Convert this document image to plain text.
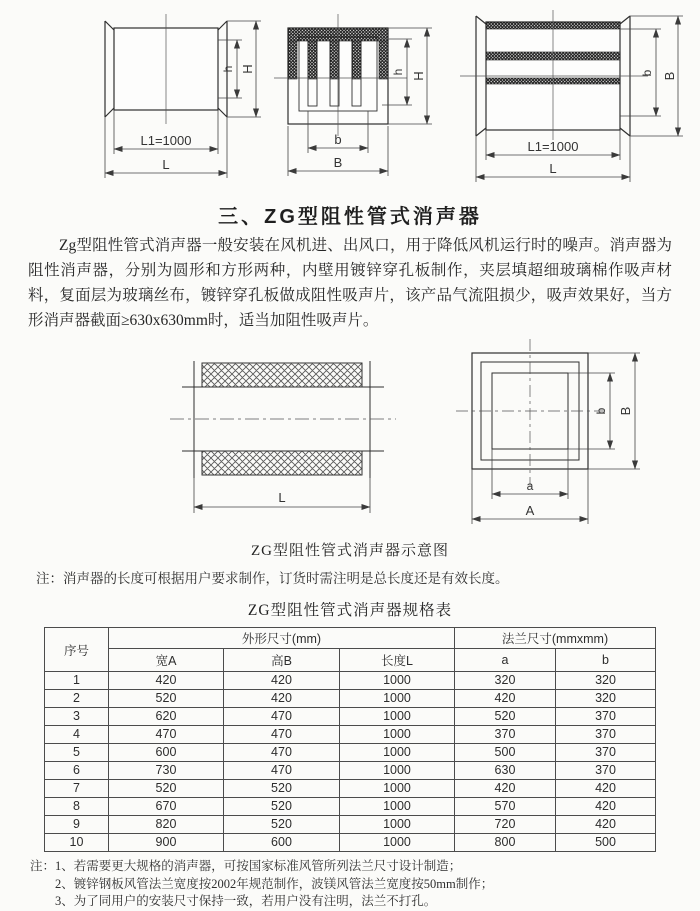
h H
L1=1000
L
h H
b
B
b B
L1=1000
L
三、ZG型阻性管式消声器

Zg型阻性管式消声器一般安装在风机进、出风口，用于降低风机运行时的噪声。消声器为阻性消声器，分别为圆形和方形两种，内壁用镀锌穿孔板制作，夹层填超细玻璃棉作吸声材料，复面层为玻璃丝布，镀锌穿孔板做成阻性吸声片，该产品气流阻损少，吸声效果好，当方形消声器截面≥630x630mm时，适当加阻性吸声片。

L
b B
a
A
ZG型阻性管式消声器示意图
注：消声器的长度可根据用户要求制作，订货时需注明是总长度还是有效长度。
ZG型阻性管式消声器规格表
序号	外形尺寸(mm)			法兰尺寸(mmxmm)	
	宽A	高B	长度L	a	b
1	420	420	1000	320	320
2	520	420	1000	420	320
3	620	470	1000	520	370
4	470	470	1000	370	370
5	600	470	1000	500	370
6	730	470	1000	630	370
7	520	520	1000	420	420
8	670	520	1000	570	420
9	820	520	1000	720	420
10	900	600	1000	800	500

注：1、若需要更大规格的消声器，可按国家标准风管所列法兰尺寸设计制造；

2、镀锌钢板风管法兰宽度按2002年规范制作，波镁风管法兰宽度按50mm制作；

3、为了同用户的安装尺寸保持一致，若用户没有注明，法兰不打孔。
